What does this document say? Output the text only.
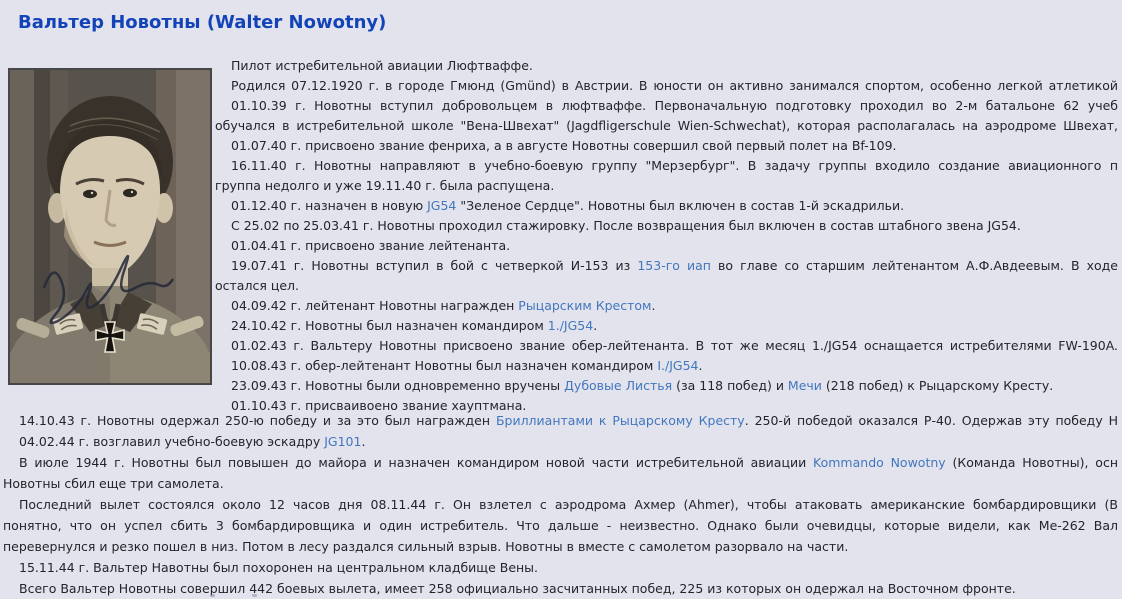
Вальтер Новотны (Walter Nowotny)
Пилот истребительной авиации Люфтваффе.
Родился 07.12.1920 г. в городе Гмюнд (Gmünd) в Австрии. В юности он активно занимался спортом, особенно легкой атлетикой
01.10.39 г. Новотны вступил добровольцем в люфтваффе. Первоначальную подготовку проходил во 2-м батальоне 62 учеб
обучался в истребительной школе "Вена-Швехат" (Jagdfligerschule Wien-Schwechat), которая располагалась на аэродроме Швехат,
01.07.40 г. присвоено звание фенриха, а в августе Новотны совершил свой первый полет на Bf-109.
16.11.40 г. Новотны направляют в учебно-боевую группу "Мерзербург". В задачу группы входило создание авиационного п
группа недолго и уже 19.11.40 г. была распущена.
01.12.40 г. назначен в новую JG54 "Зеленое Сердце". Новотны был включен в состав 1-й эскадрильи.
С 25.02 по 25.03.41 г. Новотны проходил стажировку. После возвращения был включен в состав штабного звена JG54.
01.04.41 г. присвоено звание лейтенанта.
19.07.41 г. Новотны вступил в бой с четверкой И-153 из 153-го иап во главе со старшим лейтенантом А.Ф.Авдеевым. В ходе
остался цел.
04.09.42 г. лейтенант Новотны награжден Рыцарским Крестом.
24.10.42 г. Новотны был назначен командиром 1./JG54.
01.02.43 г. Вальтеру Новотны присвоено звание обер-лейтенанта. В тот же месяц 1./JG54 оснащается истребителями FW-190A.
10.08.43 г. обер-лейтенант Новотны был назначен командиром I./JG54.
23.09.43 г. Новотны были одновременно вручены Дубовые Листья (за 118 побед) и Мечи (218 побед) к Рыцарскому Кресту.
01.10.43 г. присваивоено звание хауптмана.
14.10.43 г. Новотны одержал 250-ю победу и за это был награжден Бриллиантами к Рыцарскому Кресту. 250-й победой оказался Р-40. Одержав эту победу Н
04.02.44 г. возглавил учебно-боевую эскадру JG101.
В июле 1944 г. Новотны был повышен до майора и назначен командиром новой части истребительной авиации Kommando Nowotny (Команда Новотны), осн
Новотны сбил еще три самолета.
Последний вылет состоялся около 12 часов дня 08.11.44 г. Он взлетел с аэродрома Ахмер (Ahmer), чтобы атаковать американские бомбардировщики (В
понятно, что он успел сбить 3 бомбардировщика и один истребитель. Что дальше - неизвестно. Однако были очевидцы, которые видели, как Ме-262 Вал
перевернулся и резко пошел в низ. Потом в лесу раздался сильный взрыв. Новотны в вместе с самолетом разорвало на части.
15.11.44 г. Вальтер Навотны был похоронен на центральном кладбище Вены.
Всего Вальтер Новотны совершил 442 боевых вылета, имеет 258 официально засчитанных побед, 225 из которых он одержал на Восточном фронте.
